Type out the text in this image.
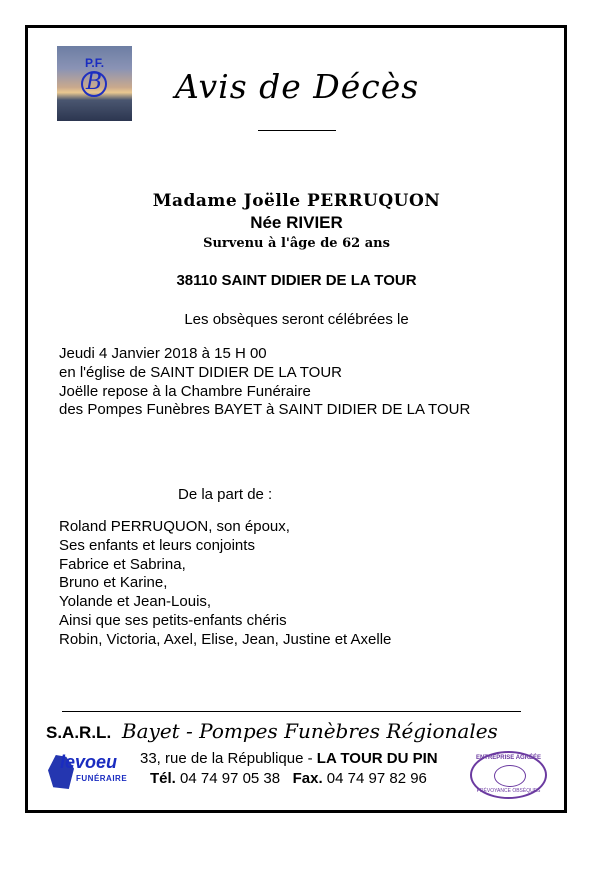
P.F.
B Avis de Décès
Madame Joëlle PERRUQUON
Née RIVIER
Survenu à l'âge de 62 ans
38110 SAINT DIDIER DE LA TOUR
Les obsèques seront célébrées le
Jeudi 4 Janvier 2018 à 15 H 00
en l'église de SAINT DIDIER DE LA TOUR
Joëlle repose à la Chambre Funéraire
des Pompes Funèbres BAYET à SAINT DIDIER DE LA TOUR
De la part de :
Roland PERRUQUON, son époux,
Ses enfants et leurs conjoints
Fabrice et Sabrina,
Bruno et Karine,
Yolande et Jean-Louis,
Ainsi que ses petits-enfants chéris
Robin, Victoria, Axel, Elise, Jean, Justine et Axelle
S.A.R.L. Bayet - Pompes Funèbres Régionales
levoeu
FUNÉRAIRE
33, rue de la République - LA TOUR DU PIN
Tél. 04 74 97 05 38 Fax. 04 74 97 82 96
ENTREPRISE AGRÉÉE
PRÉVOYANCE OBSÈQUES
